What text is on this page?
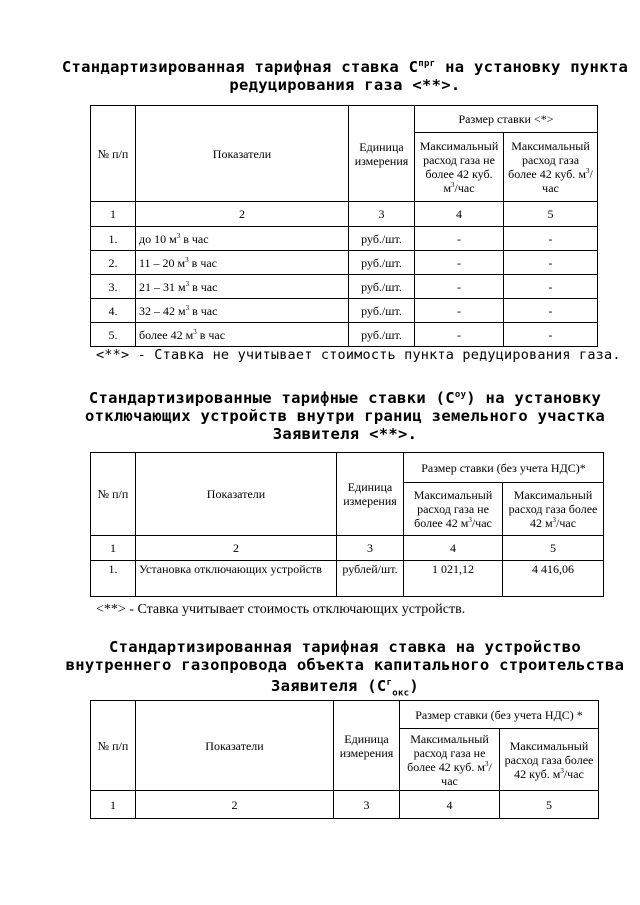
Стандартизированная тарифная ставка $С^{прг}$ на установку пункта редуцирования газа <**>.
№ п/п	Показатели	Единица измерения	Размер ставки <*>	
			Максимальный расход газа не более 42 куб. $м^3$/час	Максимальный расход газа более 42 куб. $м^3$/час
1	2	3	4	5
1.	до 10 $м^3$ в час	руб./шт.	-	-
2.	11 – 20 $м^3$ в час	руб./шт.	-	-
3.	21 – 31 $м^3$ в час	руб./шт.	-	-
4.	32 – 42 $м^3$ в час	руб./шт.	-	-
5.	более 42 $м^3$ в час	руб./шт.	-	-
<**> - Ставка не учитывает стоимость пункта редуцирования газа.
Стандартизированные тарифные ставки $(С^{оу})$ на установку отключающих устройств внутри границ земельного участка Заявителя <**>.
№ п/п	Показатели	Единица измерения	Размер ставки (без учета НДС)*	
			Максимальный расход газа не более 42 $м^3$/час	Максимальный расход газа более 42 $м^3$/час
1	2	3	4	5
1.	Установка отключающих устройств	рублей/шт.	1 021,12	4 416,06
<**> - Ставка учитывает стоимость отключающих устройств.
Стандартизированная тарифная ставка на устройство внутреннего газопровода объекта капитального строительства Заявителя $(С^г_{окс})$
№ п/п	Показатели	Единица измерения	Размер ставки (без учета НДС) *	
			Максимальный расход газа не более 42 куб. $м^3$/час	Максимальный расход газа более 42 куб. $м^3$/час
1	2	3	4	5
